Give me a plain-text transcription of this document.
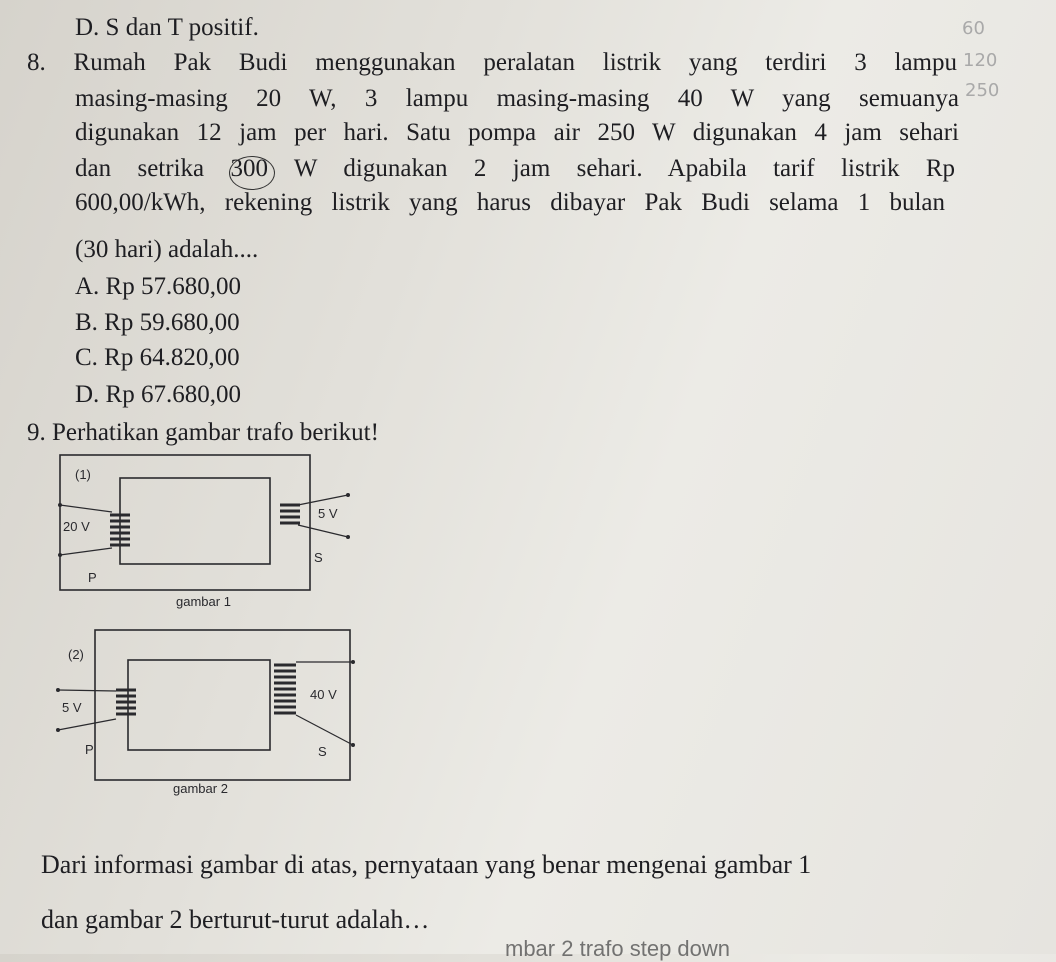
D. S dan T positif.
8. Rumah Pak Budi menggunakan peralatan listrik yang terdiri 3 lampu
masing-masing 20 W, 3 lampu masing-masing 40 W yang semuanya
digunakan 12 jam per hari. Satu pompa air 250 W digunakan 4 jam sehari
dan setrika 300 W digunakan 2 jam sehari. Apabila tarif listrik Rp
600,00/kWh, rekening listrik yang harus dibayar Pak Budi selama 1 bulan
(30 hari) adalah....
A. Rp 57.680,00
B. Rp 59.680,00
C. Rp 64.820,00
D. Rp 67.680,00
9. Perhatikan gambar trafo berikut!
(1)
20 V
5 V
P
S
gambar 1
(2)
5 V
40 V
P	S
gambar 2
Dari informasi gambar di atas, pernyataan yang benar mengenai gambar 1
dan gambar 2 berturut-turut adalah…
mbar 2 trafo step down
60
120
250
